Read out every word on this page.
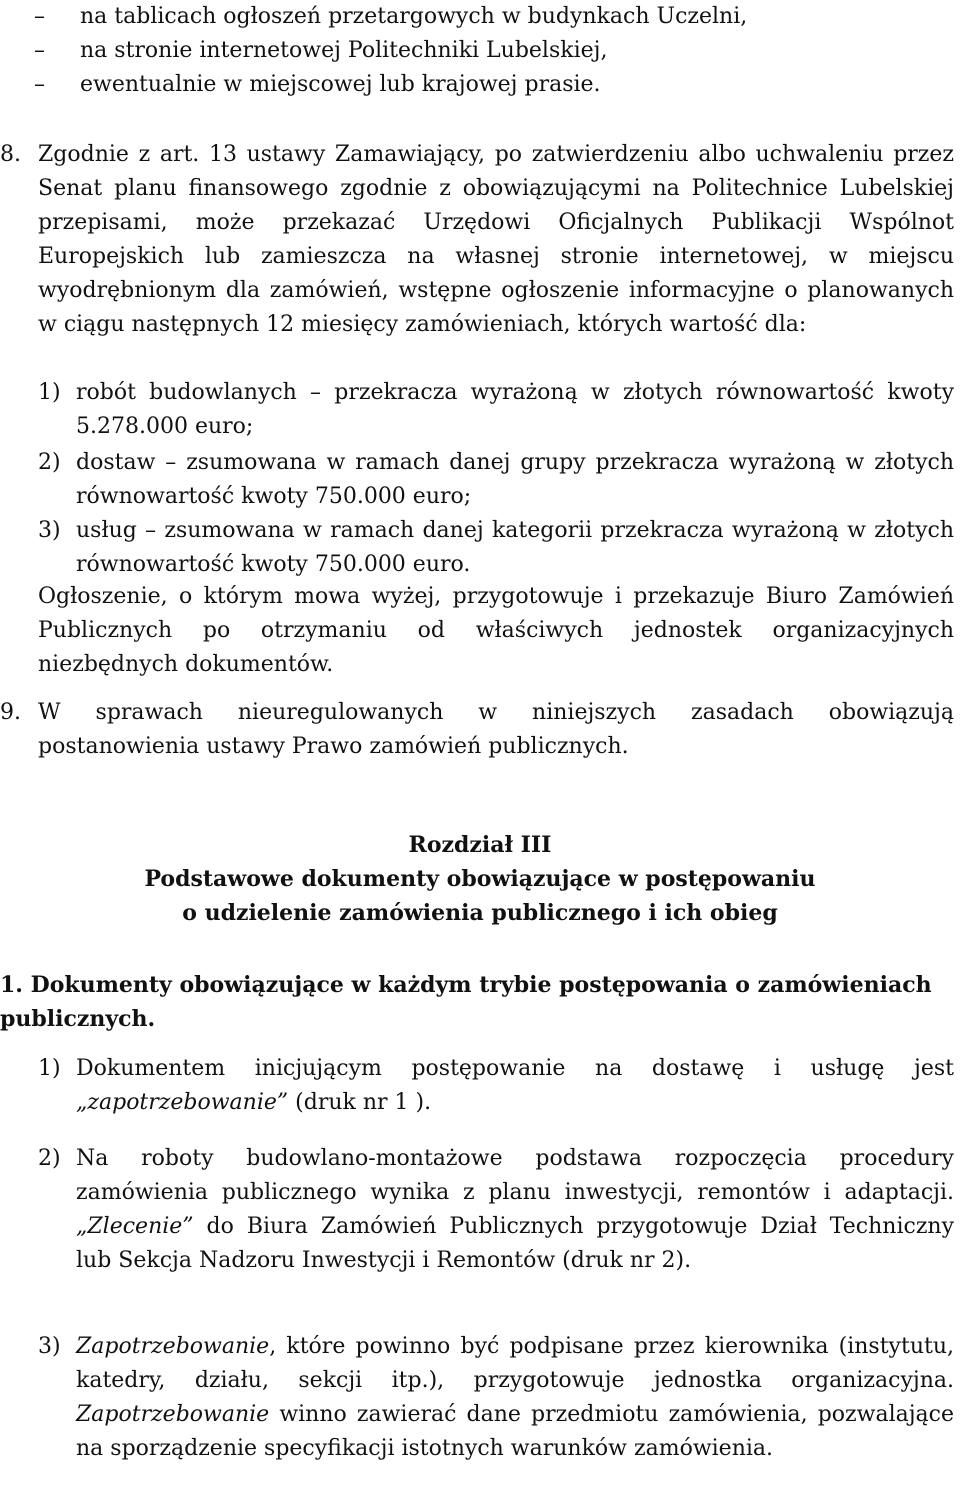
– na tablicach ogłoszeń przetargowych w budynkach Uczelni,
– na stronie internetowej Politechniki Lubelskiej,
– ewentualnie w miejscowej lub krajowej prasie.
8. Zgodnie z art. 13 ustawy Zamawiający, po zatwierdzeniu albo uchwaleniu przez Senat planu finansowego zgodnie z obowiązującymi na Politechnice Lubelskiej przepisami, może przekazać Urzędowi Oficjalnych Publikacji Wspólnot Europejskich lub zamieszcza na własnej stronie internetowej, w miejscu wyodrębnionym dla zamówień, wstępne ogłoszenie informacyjne o planowanych w ciągu następnych 12 miesięcy zamówieniach, których wartość dla:

1) robót budowlanych – przekracza wyrażoną w złotych równowartość kwoty 5.278.000 euro;

2) dostaw – zsumowana w ramach danej grupy przekracza wyrażoną w złotych równowartość kwoty 750.000 euro;

3) usług – zsumowana w ramach danej kategorii przekracza wyrażoną w złotych równowartość kwoty 750.000 euro.

Ogłoszenie, o którym mowa wyżej, przygotowuje i przekazuje Biuro Zamówień Publicznych po otrzymaniu od właściwych jednostek organizacyjnych niezbędnych dokumentów.

9. W sprawach nieuregulowanych w niniejszych zasadach obowiązują postanowienia ustawy Prawo zamówień publicznych.

Rozdział III
Podstawowe dokumenty obowiązujące w postępowaniu
o udzielenie zamówienia publicznego i ich obieg

1. Dokumenty obowiązujące w każdym trybie postępowania o zamówieniach publicznych.

1) Dokumentem inicjującym postępowanie na dostawę i usługę jest „zapotrzebowanie” (druk nr 1 ).

2) Na roboty budowlano-montażowe podstawa rozpoczęcia procedury zamówienia publicznego wynika z planu inwestycji, remontów i adaptacji. „Zlecenie” do Biura Zamówień Publicznych przygotowuje Dział Techniczny lub Sekcja Nadzoru Inwestycji i Remontów (druk nr 2).

3) Zapotrzebowanie, które powinno być podpisane przez kierownika (instytutu, katedry, działu, sekcji itp.), przygotowuje jednostka organizacyjna. Zapotrzebowanie winno zawierać dane przedmiotu zamówienia, pozwalające na sporządzenie specyfikacji istotnych warunków zamówienia.
